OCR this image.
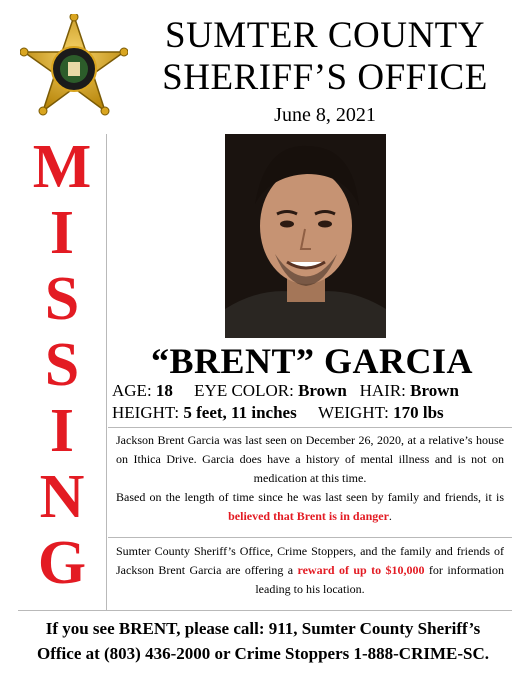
SUMTER COUNTY
SHERIFF’S OFFICE
June 8, 2021
M
I
S
S
I
N
G
“BRENT” GARCIA
AGE: 18 EYE COLOR: Brown HAIR: Brown
HEIGHT: 5 feet, 11 inches WEIGHT: 170 lbs
Jackson Brent Garcia was last seen on December 26, 2020, at a relative’s house on Ithica Drive. Garcia does have a history of mental illness and is not on medication at this time.
Based on the length of time since he was last seen by family and friends, it is believed that Brent is in danger.
Sumter County Sheriff’s Office, Crime Stoppers, and the family and friends of Jackson Brent Garcia are offering a reward of up to $10,000 for information leading to his location.
If you see BRENT, please call: 911, Sumter County Sheriff’s
Office at (803) 436-2000 or Crime Stoppers 1-888-CRIME-SC.
